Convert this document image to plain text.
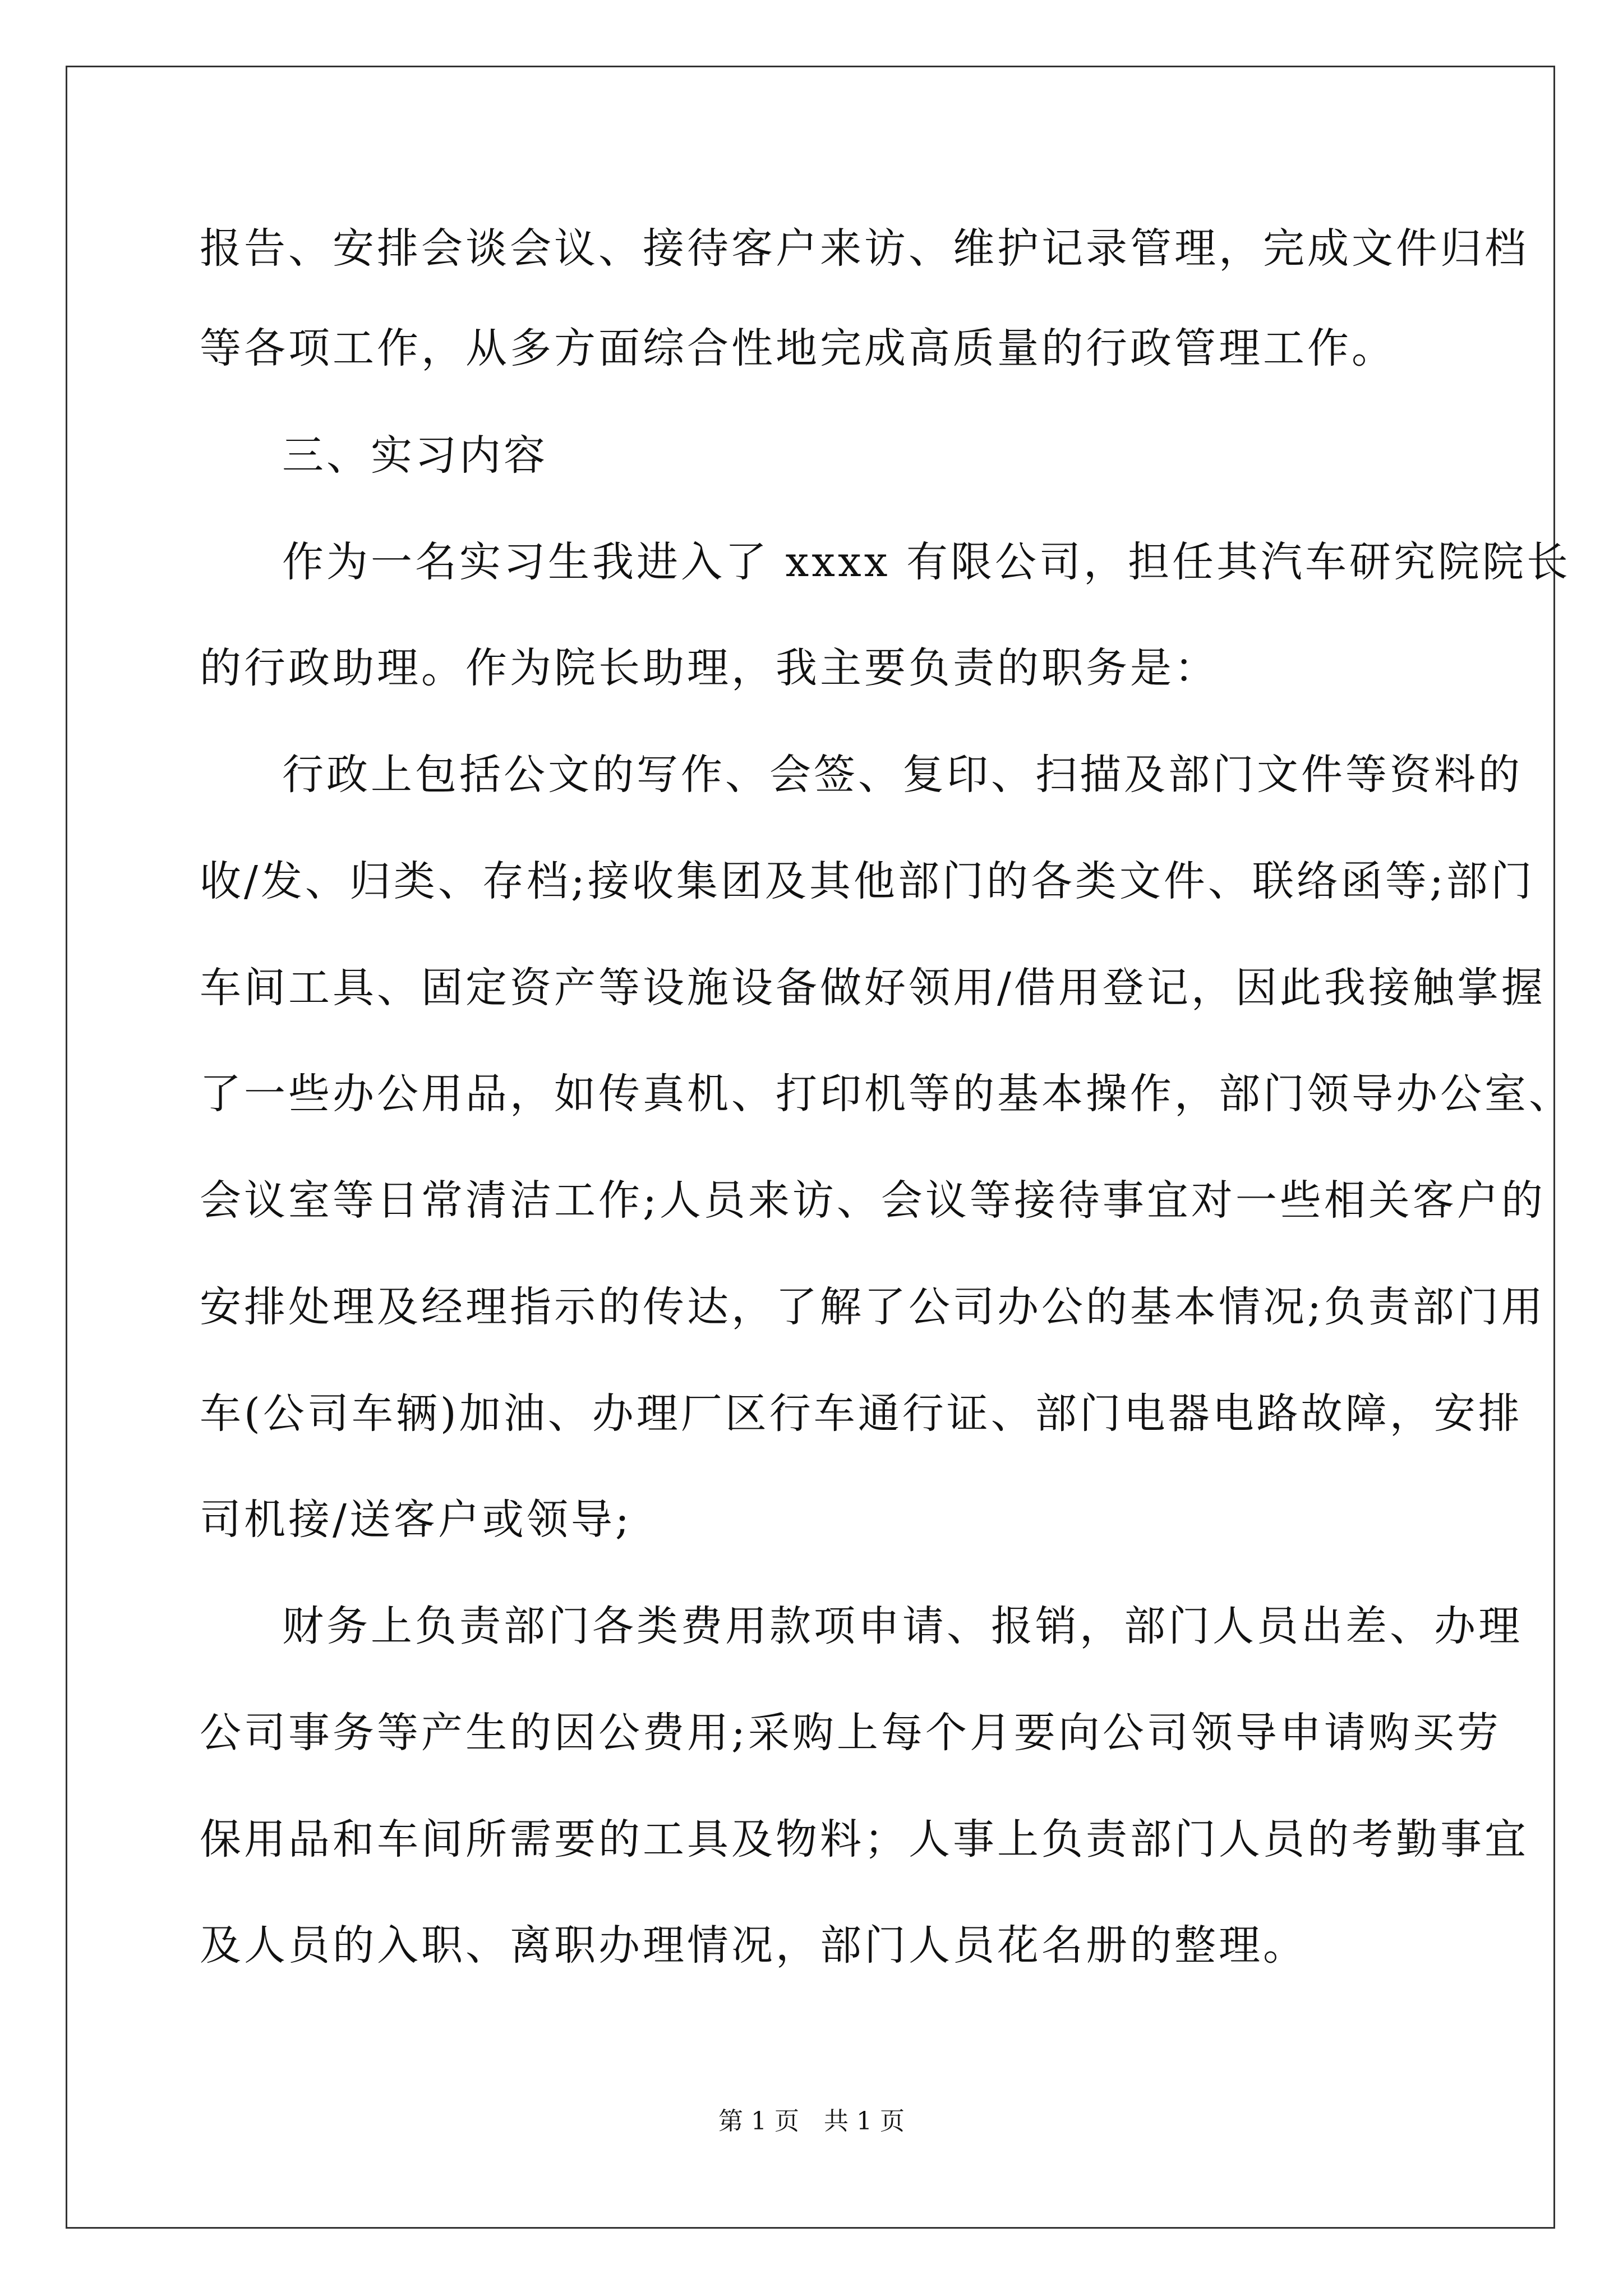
报告、安排会谈会议、接待客户来访、维护记录管理，完成文件归档
等各项工作，从多方面综合性地完成高质量的行政管理工作。
三、实习内容
作为一名实习生我进入了 xxxx 有限公司，担任其汽车研究院院长
的行政助理。作为院长助理，我主要负责的职务是：
行政上包括公文的写作、会签、复印、扫描及部门文件等资料的
收/发、归类、存档;接收集团及其他部门的各类文件、联络函等;部门
车间工具、固定资产等设施设备做好领用/借用登记，因此我接触掌握
了一些办公用品，如传真机、打印机等的基本操作，部门领导办公室、
会议室等日常清洁工作;人员来访、会议等接待事宜对一些相关客户的
安排处理及经理指示的传达，了解了公司办公的基本情况;负责部门用
车(公司车辆)加油、办理厂区行车通行证、部门电器电路故障，安排
司机接/送客户或领导;
财务上负责部门各类费用款项申请、报销，部门人员出差、办理
公司事务等产生的因公费用;采购上每个月要向公司领导申请购买劳
保用品和车间所需要的工具及物料；人事上负责部门人员的考勤事宜
及人员的入职、离职办理情况，部门人员花名册的整理。
第 1 页　共 1 页
